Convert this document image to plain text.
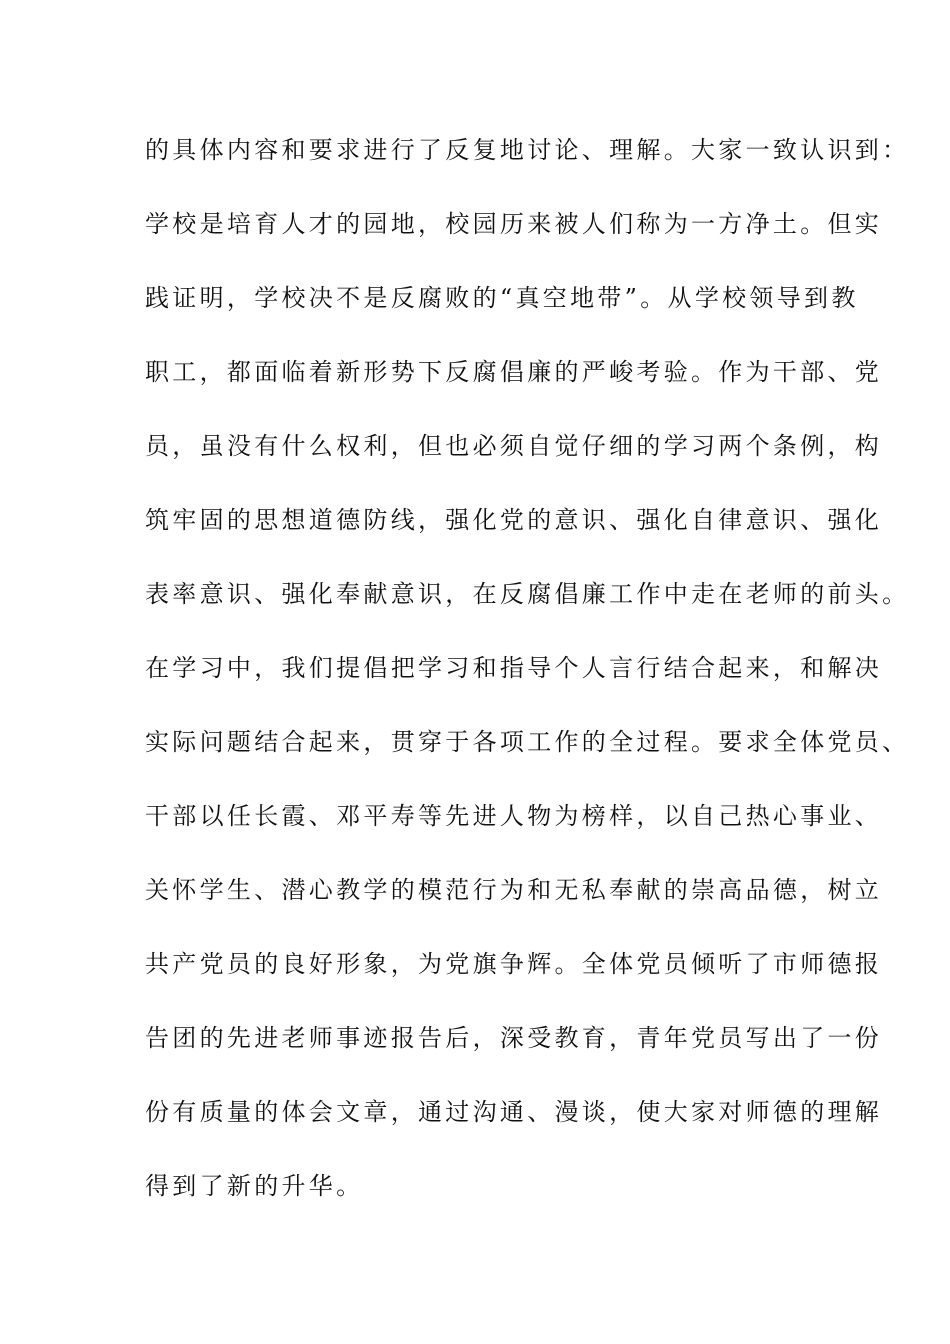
的具体内容和要求进行了反复地讨论、理解。大家一致认识到：
学校是培育人才的园地，校园历来被人们称为一方净土。但实
践证明，学校决不是反腐败的“真空地带”。从学校领导到教
职工，都面临着新形势下反腐倡廉的严峻考验。作为干部、党
员，虽没有什么权利，但也必须自觉仔细的学习两个条例，构
筑牢固的思想道德防线，强化党的意识、强化自律意识、强化
表率意识、强化奉献意识，在反腐倡廉工作中走在老师的前头。
在学习中，我们提倡把学习和指导个人言行结合起来，和解决
实际问题结合起来，贯穿于各项工作的全过程。要求全体党员、
干部以任长霞、邓平寿等先进人物为榜样，以自己热心事业、
关怀学生、潜心教学的模范行为和无私奉献的崇高品德，树立
共产党员的良好形象，为党旗争辉。全体党员倾听了市师德报
告团的先进老师事迹报告后，深受教育，青年党员写出了一份
份有质量的体会文章，通过沟通、漫谈，使大家对师德的理解
得到了新的升华。
